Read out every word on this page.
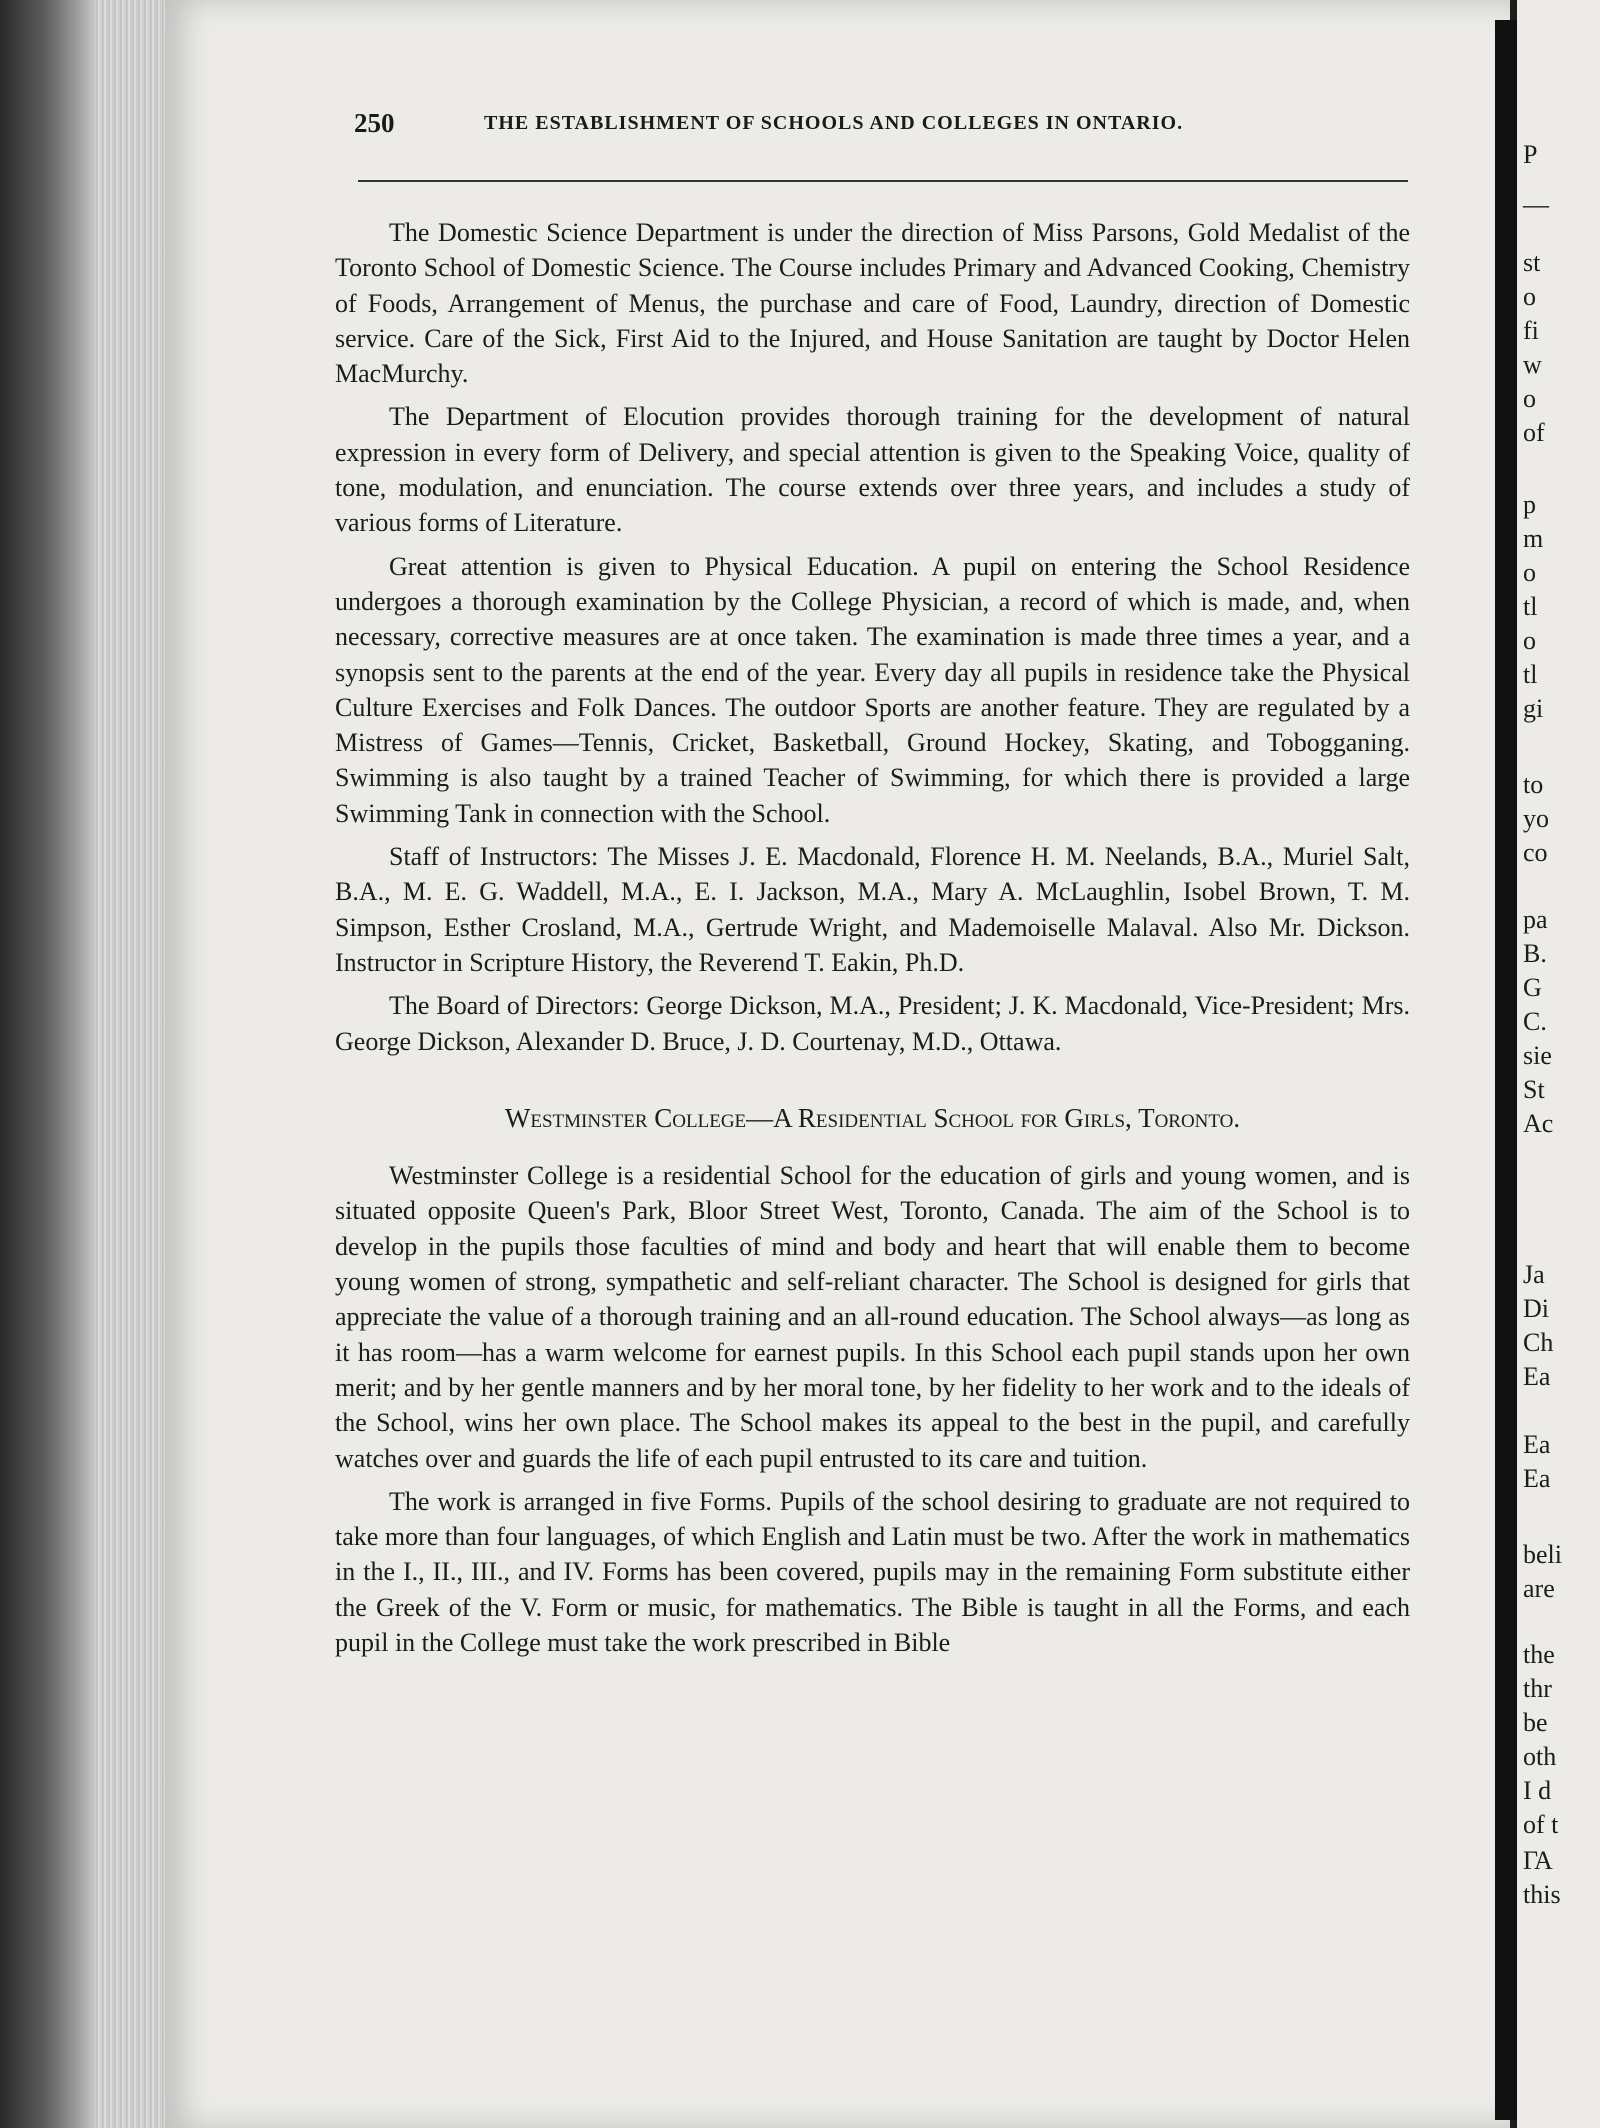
250	THE ESTABLISHMENT OF SCHOOLS AND COLLEGES IN ONTARIO.

The Domestic Science Department is under the direction of Miss Parsons, Gold Medalist of the Toronto School of Domestic Science. The Course includes Primary and Advanced Cooking, Chemistry of Foods, Arrangement of Menus, the purchase and care of Food, Laundry, direction of Domestic service. Care of the Sick, First Aid to the Injured, and House Sanitation are taught by Doctor Helen MacMurchy.

The Department of Elocution provides thorough training for the development of natural expression in every form of Delivery, and special attention is given to the Speaking Voice, quality of tone, modulation, and enunciation. The course extends over three years, and includes a study of various forms of Literature.

Great attention is given to Physical Education. A pupil on entering the School Residence undergoes a thorough examination by the College Physician, a record of which is made, and, when necessary, corrective measures are at once taken. The examination is made three times a year, and a synopsis sent to the parents at the end of the year. Every day all pupils in residence take the Physical Culture Exercises and Folk Dances. The outdoor Sports are another feature. They are regulated by a Mistress of Games—Tennis, Cricket, Basketball, Ground Hockey, Skating, and Tobogganing. Swimming is also taught by a trained Teacher of Swimming, for which there is provided a large Swimming Tank in connection with the School.

Staff of Instructors: The Misses J. E. Macdonald, Florence H. M. Neelands, B.A., Muriel Salt, B.A., M. E. G. Waddell, M.A., E. I. Jackson, M.A., Mary A. McLaughlin, Isobel Brown, T. M. Simpson, Esther Crosland, M.A., Gertrude Wright, and Mademoiselle Malaval. Also Mr. Dickson. Instructor in Scripture History, the Reverend T. Eakin, Ph.D.

The Board of Directors: George Dickson, M.A., President; J. K. Macdonald, Vice-President; Mrs. George Dickson, Alexander D. Bruce, J. D. Courtenay, M.D., Ottawa.

Westminster College—A Residential School for Girls, Toronto.

Westminster College is a residential School for the education of girls and young women, and is situated opposite Queen's Park, Bloor Street West, Toronto, Canada. The aim of the School is to develop in the pupils those faculties of mind and body and heart that will enable them to become young women of strong, sympathetic and self-reliant character. The School is designed for girls that appreciate the value of a thorough training and an all-round education. The School always—as long as it has room—has a warm welcome for earnest pupils. In this School each pupil stands upon her own merit; and by her gentle manners and by her moral tone, by her fidelity to her work and to the ideals of the School, wins her own place. The School makes its appeal to the best in the pupil, and carefully watches over and guards the life of each pupil entrusted to its care and tuition.

The work is arranged in five Forms. Pupils of the school desiring to graduate are not required to take more than four languages, of which English and Latin must be two. After the work in mathematics in the I., II., III., and IV. Forms has been covered, pupils may in the remaining Form substitute either the Greek of the V. Form or music, for mathematics. The Bible is taught in all the Forms, and each pupil in the College must take the work prescribed in Bible

P
—
st
o
fi
w
o
of
p
m
o
tl
o
tl
gi
to
yo
co
pa
B.
G
C.
sie
St
Ac
Ja
Di
Ch
Ea
Ea
Ea
beli
are
the
thr
be
oth
I d
of t
ΓΑ
this
